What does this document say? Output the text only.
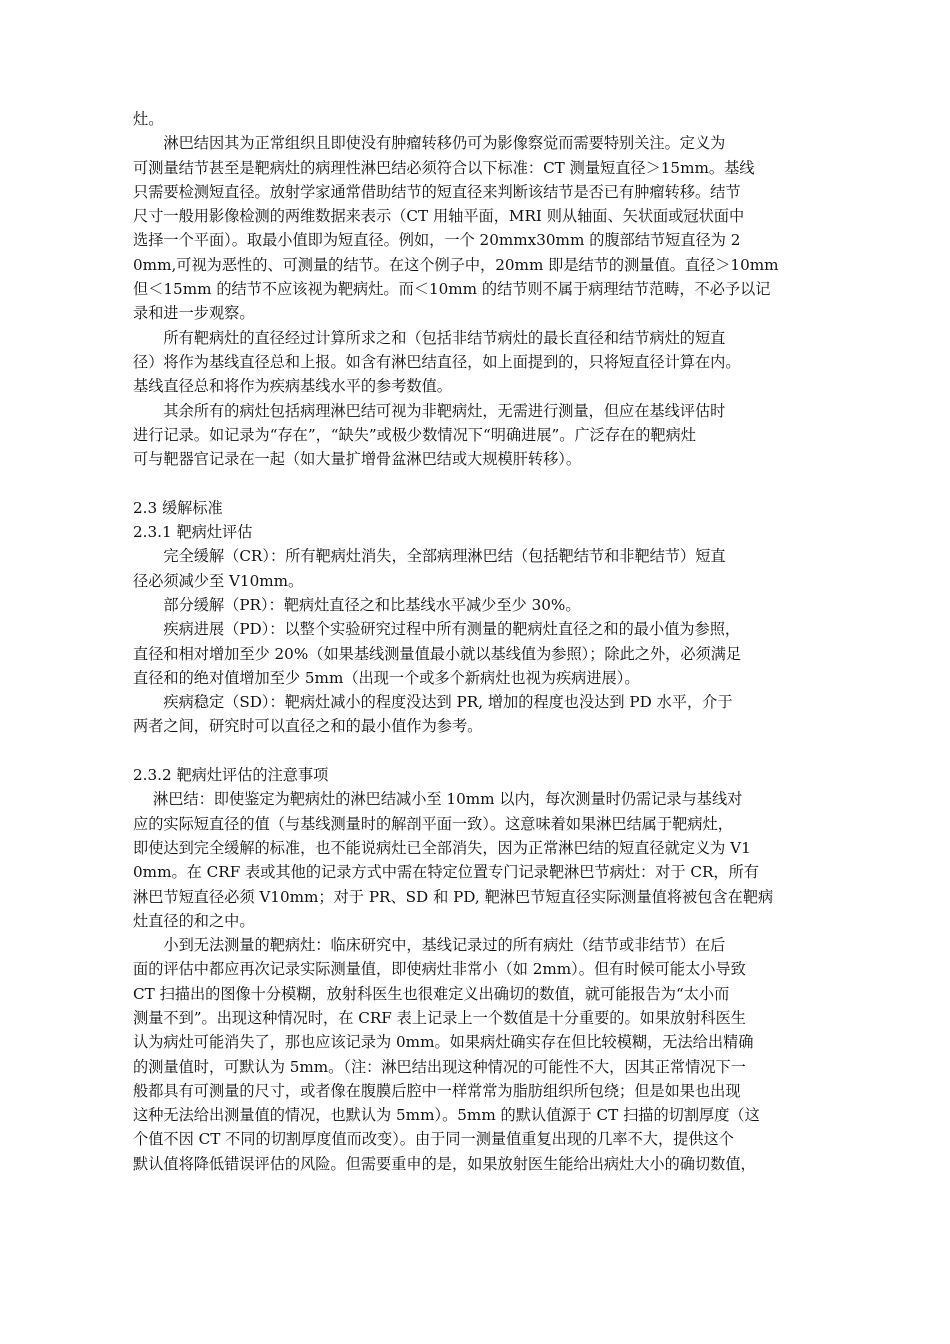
灶。
　　淋巴结因其为正常组织且即使没有肿瘤转移仍可为影像察觉而需要特别关注。定义为
可测量结节甚至是靶病灶的病理性淋巴结必须符合以下标准：CT 测量短直径＞15mm。基线
只需要检测短直径。放射学家通常借助结节的短直径来判断该结节是否已有肿瘤转移。结节
尺寸一般用影像检测的两维数据来表示（CT 用轴平面，MRI 则从轴面、矢状面或冠状面中
选择一个平面）。取最小值即为短直径。例如，一个 20mmx30mm 的腹部结节短直径为 2
0mm,可视为恶性的、可测量的结节。在这个例子中，20mm 即是结节的测量值。直径＞10mm
但＜15mm 的结节不应该视为靶病灶。而＜10mm 的结节则不属于病理结节范畴，不必予以记
录和进一步观察。
　　所有靶病灶的直径经过计算所求之和（包括非结节病灶的最长直径和结节病灶的短直
径）将作为基线直径总和上报。如含有淋巴结直径，如上面提到的，只将短直径计算在内。
基线直径总和将作为疾病基线水平的参考数值。
　　其余所有的病灶包括病理淋巴结可视为非靶病灶，无需进行测量，但应在基线评估时
进行记录。如记录为“存在”，“缺失”或极少数情况下“明确进展”。广泛存在的靶病灶
可与靶器官记录在一起（如大量扩增骨盆淋巴结或大规模肝转移）。
2.3 缓解标准
2.3.1 靶病灶评估
　　完全缓解（CR）：所有靶病灶消失，全部病理淋巴结（包括靶结节和非靶结节）短直
径必须减少至 V10mm。
　　部分缓解（PR）：靶病灶直径之和比基线水平减少至少 30%。
　　疾病进展（PD）：以整个实验研究过程中所有测量的靶病灶直径之和的最小值为参照，
直径和相对增加至少 20%（如果基线测量值最小就以基线值为参照）；除此之外，必须满足
直径和的绝对值增加至少 5mm（出现一个或多个新病灶也视为疾病进展）。
　　疾病稳定（SD）：靶病灶减小的程度没达到 PR, 增加的程度也没达到 PD 水平，介于
两者之间，研究时可以直径之和的最小值作为参考。
2.3.2 靶病灶评估的注意事项
　 淋巴结：即使鉴定为靶病灶的淋巴结减小至 10mm 以内，每次测量时仍需记录与基线对
应的实际短直径的值（与基线测量时的解剖平面一致）。这意味着如果淋巴结属于靶病灶，
即使达到完全缓解的标准，也不能说病灶已全部消失，因为正常淋巴结的短直径就定义为 V1
0mm。在 CRF 表或其他的记录方式中需在特定位置专门记录靶淋巴节病灶：对于 CR，所有
淋巴节短直径必须 V10mm；对于 PR、SD 和 PD, 靶淋巴节短直径实际测量值将被包含在靶病
灶直径的和之中。
　　小到无法测量的靶病灶：临床研究中，基线记录过的所有病灶（结节或非结节）在后
面的评估中都应再次记录实际测量值，即使病灶非常小（如 2mm）。但有时候可能太小导致
CT 扫描出的图像十分模糊，放射科医生也很难定义出确切的数值，就可能报告为“太小而
测量不到”。出现这种情况时，在 CRF 表上记录上一个数值是十分重要的。如果放射科医生
认为病灶可能消失了，那也应该记录为 0mm。如果病灶确实存在但比较模糊，无法给出精确
的测量值时，可默认为 5mm。（注：淋巴结出现这种情况的可能性不大，因其正常情况下一
般都具有可测量的尺寸，或者像在腹膜后腔中一样常常为脂肪组织所包绕；但是如果也出现
这种无法给出测量值的情况，也默认为 5mm）。5mm 的默认值源于 CT 扫描的切割厚度（这
个值不因 CT 不同的切割厚度值而改变）。由于同一测量值重复出现的几率不大，提供这个
默认值将降低错误评估的风险。但需要重申的是，如果放射医生能给出病灶大小的确切数值，
